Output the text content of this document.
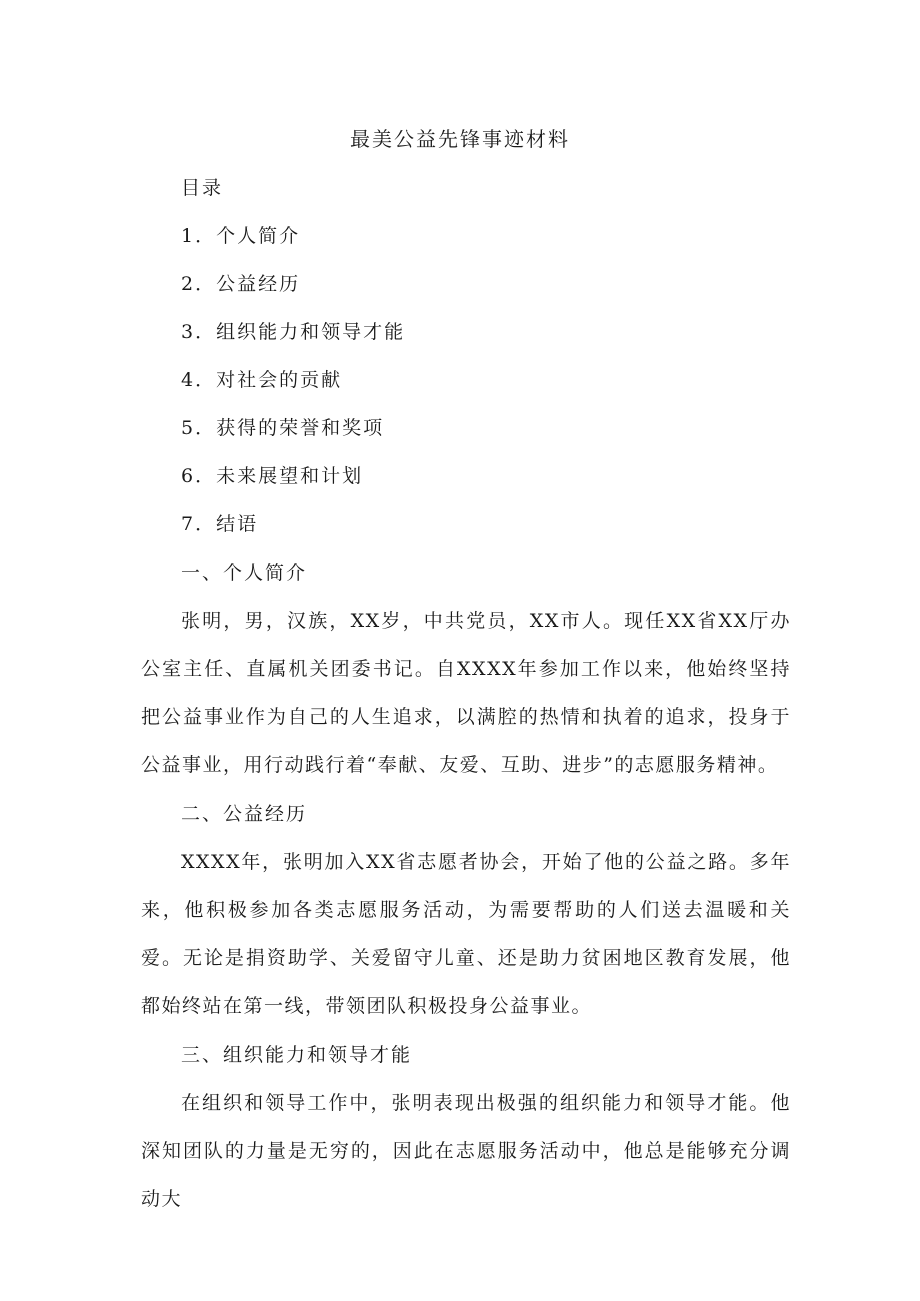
最美公益先锋事迹材料
目录
1．个人简介
2．公益经历
3．组织能力和领导才能
4．对社会的贡献
5．获得的荣誉和奖项
6．未来展望和计划
7．结语
一、个人简介
张明，男，汉族，XX岁，中共党员，XX市人。现任XX省XX厅办公室主任、直属机关团委书记。自XXXX年参加工作以来，他始终坚持把公益事业作为自己的人生追求，以满腔的热情和执着的追求，投身于公益事业，用行动践行着“奉献、友爱、互助、进步”的志愿服务精神。
二、公益经历
XXXX年，张明加入XX省志愿者协会，开始了他的公益之路。多年来，他积极参加各类志愿服务活动，为需要帮助的人们送去温暖和关爱。无论是捐资助学、关爱留守儿童、还是助力贫困地区教育发展，他都始终站在第一线，带领团队积极投身公益事业。
三、组织能力和领导才能
在组织和领导工作中，张明表现出极强的组织能力和领导才能。他深知团队的力量是无穷的，因此在志愿服务活动中，他总是能够充分调动大
